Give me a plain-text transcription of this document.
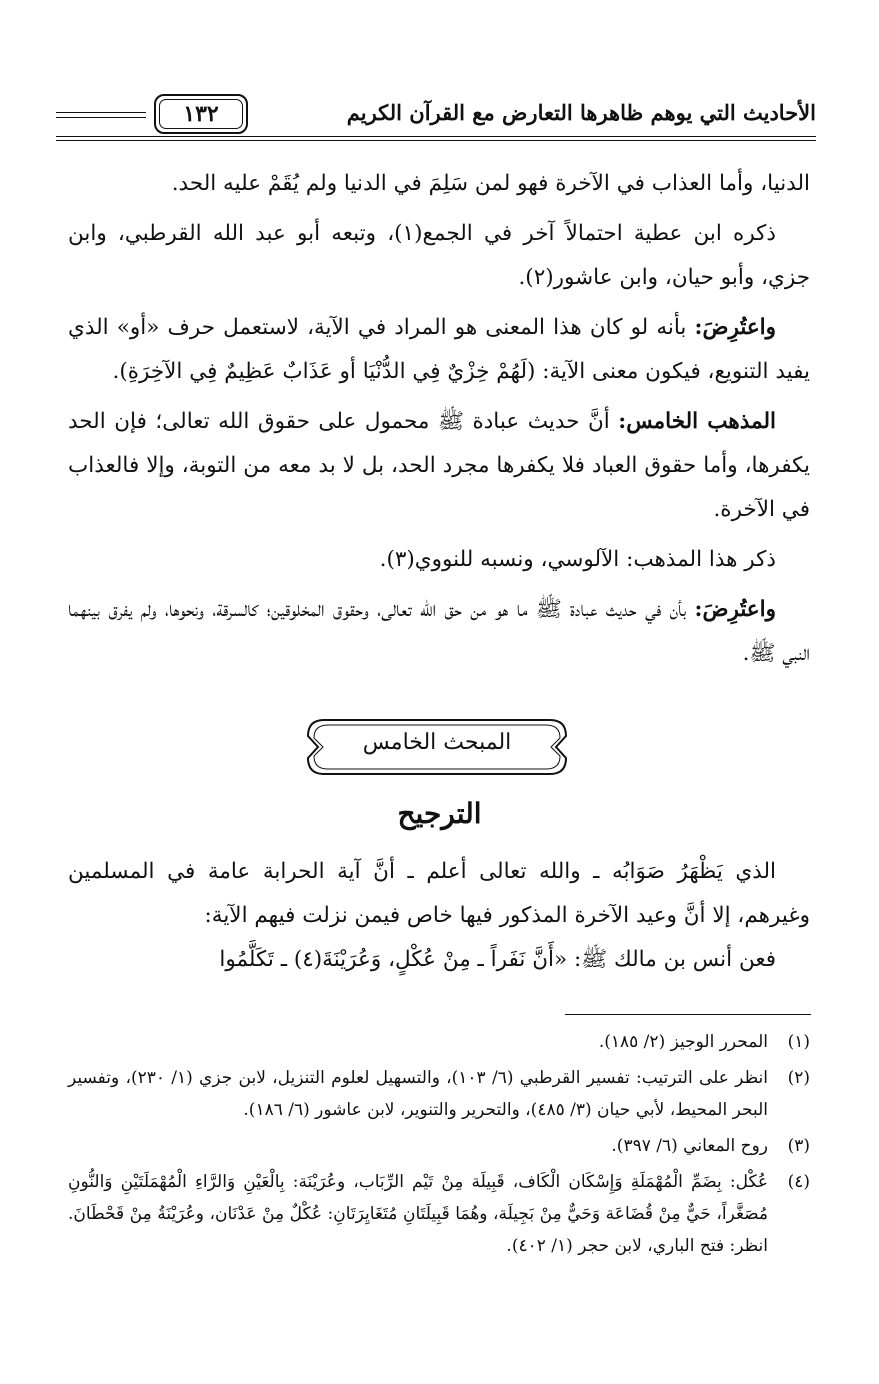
الأحاديث التي يوهم ظاهرها التعارض مع القرآن الكريم
١٣٢

الدنيا، وأما العذاب في الآخرة فهو لمن سَلِمَ في الدنيا ولم يُقَمْ عليه الحد.

ذكره ابن عطية احتمالاً آخر في الجمع(١)، وتبعه أبو عبد الله القرطبي، وابن جزي، وأبو حيان، وابن عاشور(٢).

واعتُرِضَ: بأنه لو كان هذا المعنى هو المراد في الآية، لاستعمل حرف «أو» الذي يفيد التنويع، فيكون معنى الآية: (لَهُمْ خِزْيٌ فِي الدُّنْيَا أو عَذَابٌ عَظِيمٌ فِي الآخِرَةِ).

المذهب الخامس: أنَّ حديث عبادة ﷺ محمول على حقوق الله تعالى؛ فإن الحد يكفرها، وأما حقوق العباد فلا يكفرها مجرد الحد، بل لا بد معه من التوبة، وإلا فالعذاب في الآخرة.

ذكر هذا المذهب: الآلوسي، ونسبه للنووي(٣).

واعتُرِضَ: بأن في حديث عبادة ﷺ ما هو من حق الله تعالى، وحقوق المخلوقين؛ كالسرقة، ونحوها، ولم يفرق بينهما النبي ﷺ.

المبحث الخامس
الترجيح

الذي يَظْهَرُ صَوَابُه ـ والله تعالى أعلم ـ أنَّ آية الحرابة عامة في المسلمين وغيرهم، إلا أنَّ وعيد الآخرة المذكور فيها خاص فيمن نزلت فيهم الآية:

فعن أنس بن مالك ﷺ: «أَنَّ نَفَراً ـ مِنْ عُكْلٍ، وَعُرَيْنَةَ(٤) ـ تَكَلَّمُوا

(١)
المحرر الوجيز (٢/ ١٨٥).
(٢)
انظر على الترتيب: تفسير القرطبي (٦/ ١٠٣)، والتسهيل لعلوم التنزيل، لابن جزي (١/ ٢٣٠)، وتفسير البحر المحيط، لأبي حيان (٣/ ٤٨٥)، والتحرير والتنوير، لابن عاشور (٦/ ١٨٦).
(٣)
روح المعاني (٦/ ٣٩٧).
(٤)
عُكْل: بِضَمِّ الْمُهْمَلَةِ وَإِسْكَان الْكَاف، قَبِيلَة مِنْ تَيْم الرِّبَاب، وعُرَيْنَة: بِالْعَيْنِ وَالرَّاءِ الْمُهْمَلَتَيْنِ وَالنُّونِ مُصَغَّراً، حَيٌّ مِنْ قُضَاعَة وَحَيٌّ مِنْ بَجِيلَة، وهُمَا قَبِيلَتَانِ مُتَغَايِرَتَانِ: عُكْلٌ مِنْ عَدْنَان، وعُرَيْنَةُ مِنْ قَحْطَانَ. انظر: فتح الباري، لابن حجر (١/ ٤٠٢).
